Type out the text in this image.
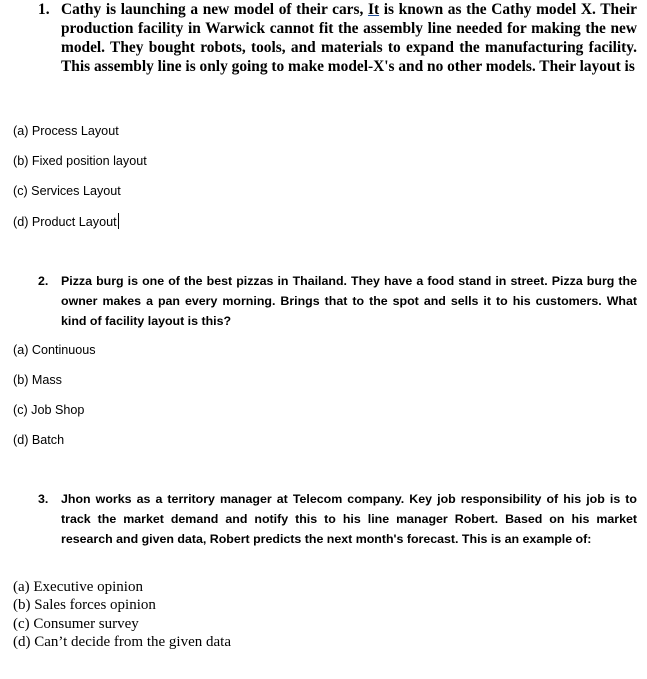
1. Cathy is launching a new model of their cars, It is known as the Cathy model X. Their production facility in Warwick cannot fit the assembly line needed for making the new model. They bought robots, tools, and materials to expand the manufacturing facility. This assembly line is only going to make model-X's and no other models. Their layout is
(a) Process Layout
(b) Fixed position layout
(c) Services Layout
(d) Product Layout
2. Pizza burg is one of the best pizzas in Thailand. They have a food stand in street. Pizza burg the owner makes a pan every morning. Brings that to the spot and sells it to his customers. What kind of facility layout is this?
(a) Continuous
(b) Mass
(c) Job Shop
(d) Batch
3. Jhon works as a territory manager at Telecom company. Key job responsibility of his job is to track the market demand and notify this to his line manager Robert. Based on his market research and given data, Robert predicts the next month's forecast. This is an example of:
(a) Executive opinion
(b) Sales forces opinion
(c) Consumer survey
(d) Can’t decide from the given data
